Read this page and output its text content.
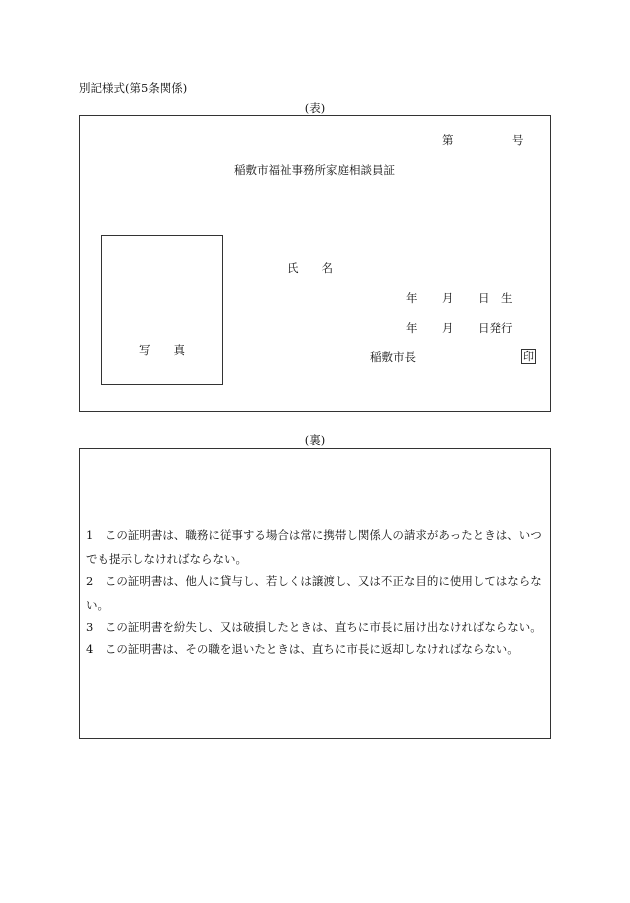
別記様式(第5条関係)
(表)
第	号
稲敷市福祉事務所家庭相談員証
写　　真
氏　　名
年 月 日 生
年 月 日発行
稲敷市長	印
(裏)
1　この証明書は、職務に従事する場合は常に携帯し関係人の請求があったときは、いつでも提示しなければならない。
2　この証明書は、他人に貸与し、若しくは譲渡し、又は不正な目的に使用してはならない。
3　この証明書を紛失し、又は破損したときは、直ちに市長に届け出なければならない。
4　この証明書は、その職を退いたときは、直ちに市長に返却しなければならない。
